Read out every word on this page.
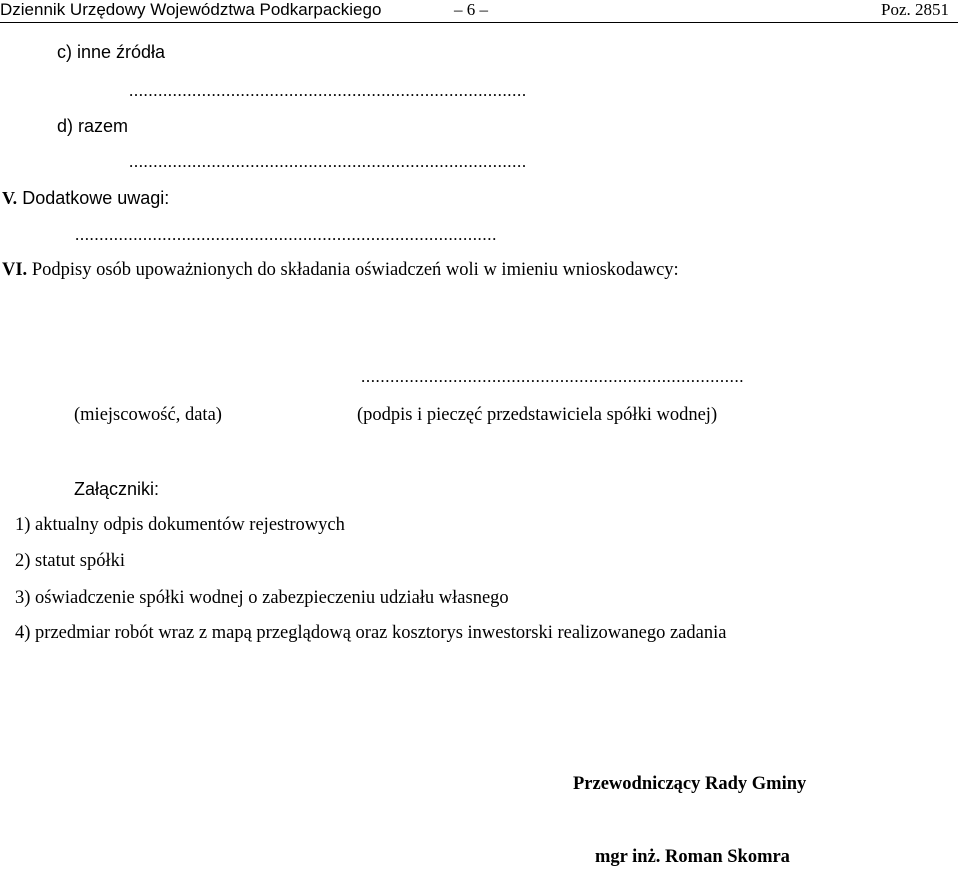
Dziennik Urzędowy Województwa Podkarpackiego	– 6 –	Poz. 2851
c) inne źródła
..................................................................................
d) razem
..................................................................................
V. Dodatkowe uwagi:
.......................................................................................
VI. Podpisy osób upoważnionych do składania oświadczeń woli w imieniu wnioskodawcy:
...............................................................................
(miejscowość, data)	(podpis i pieczęć przedstawiciela spółki wodnej)
Załączniki:
1) aktualny odpis dokumentów rejestrowych
2) statut spółki
3) oświadczenie spółki wodnej o zabezpieczeniu udziału własnego
4) przedmiar robót wraz z mapą przeglądową oraz kosztorys inwestorski realizowanego zadania
Przewodniczący Rady Gminy
mgr inż. Roman Skomra
